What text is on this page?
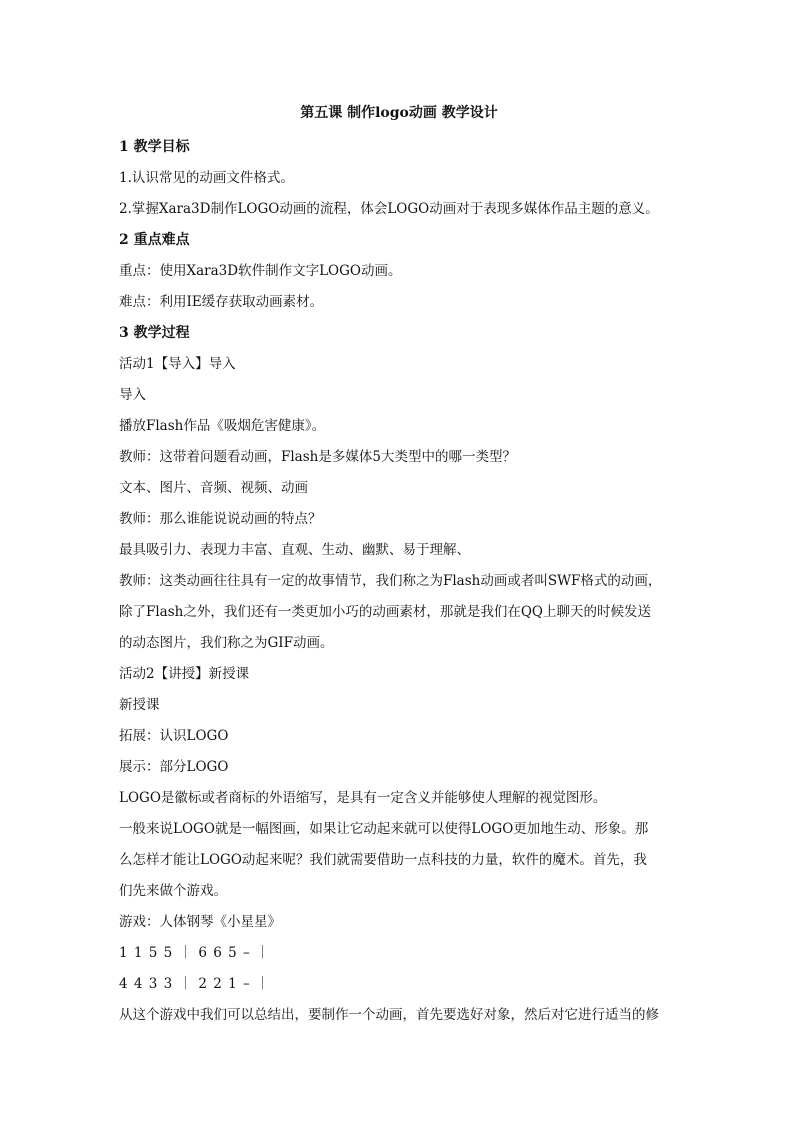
第五课 制作logo动画 教学设计
1 教学目标
1.认识常见的动画文件格式。
2.掌握Xara3D制作LOGO动画的流程，体会LOGO动画对于表现多媒体作品主题的意义。
2 重点难点
重点：使用Xara3D软件制作文字LOGO动画。
难点：利用IE缓存获取动画素材。
3 教学过程
活动1【导入】导入
导入
播放Flash作品《吸烟危害健康》。
教师：这带着问题看动画，Flash是多媒体5大类型中的哪一类型？
文本、图片、音频、视频、动画
教师：那么谁能说说动画的特点？
最具吸引力、表现力丰富、直观、生动、幽默、易于理解、
教师：这类动画往往具有一定的故事情节，我们称之为Flash动画或者叫SWF格式的动画，
除了Flash之外，我们还有一类更加小巧的动画素材，那就是我们在QQ上聊天的时候发送
的动态图片，我们称之为GIF动画。
活动2【讲授】新授课
新授课
拓展：认识LOGO
展示：部分LOGO
LOGO是徽标或者商标的外语缩写，是具有一定含义并能够使人理解的视觉图形。
一般来说LOGO就是一幅图画，如果让它动起来就可以使得LOGO更加地生动、形象。那
么怎样才能让LOGO动起来呢？我们就需要借助一点科技的力量，软件的魔术。首先，我
们先来做个游戏。
游戏：人体钢琴《小星星》
1 1 5 5 ｜ 6 6 5 – ｜
4 4 3 3 ｜ 2 2 1 – ｜
从这个游戏中我们可以总结出，要制作一个动画，首先要选好对象，然后对它进行适当的修
